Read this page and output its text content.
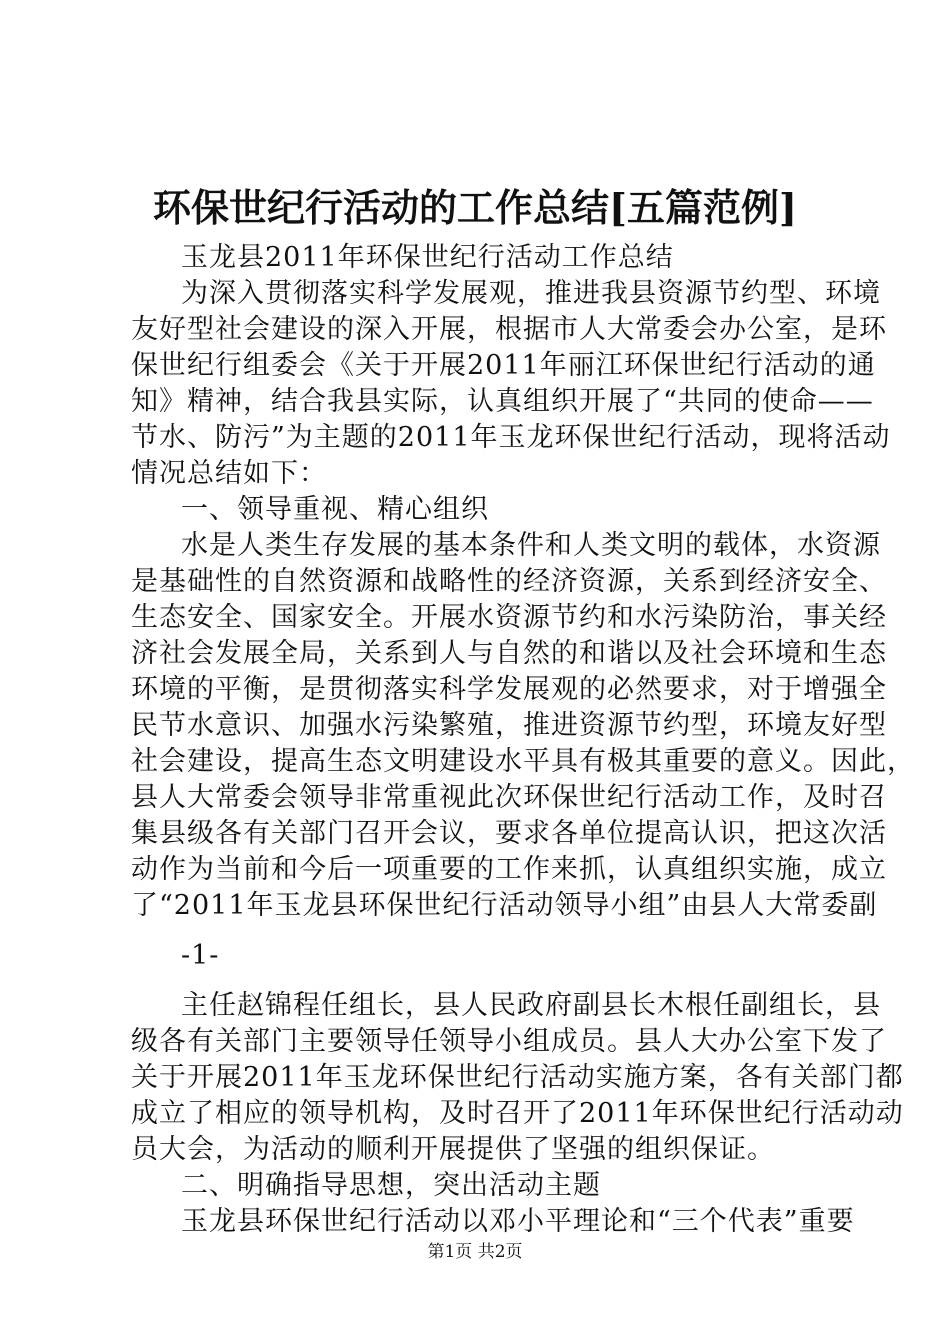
环保世纪行活动的工作总结[五篇范例]
玉龙县2011年环保世纪行活动工作总结
为深入贯彻落实科学发展观，推进我县资源节约型、环境
友好型社会建设的深入开展，根据市人大常委会办公室，是环
保世纪行组委会《关于开展2011年丽江环保世纪行活动的通
知》精神，结合我县实际，认真组织开展了“共同的使命——
节水、防污”为主题的2011年玉龙环保世纪行活动，现将活动
情况总结如下：
一、领导重视、精心组织
水是人类生存发展的基本条件和人类文明的载体，水资源
是基础性的自然资源和战略性的经济资源，关系到经济安全、
生态安全、国家安全。开展水资源节约和水污染防治，事关经
济社会发展全局，关系到人与自然的和谐以及社会环境和生态
环境的平衡，是贯彻落实科学发展观的必然要求，对于增强全
民节水意识、加强水污染繁殖，推进资源节约型，环境友好型
社会建设，提高生态文明建设水平具有极其重要的意义。因此，
县人大常委会领导非常重视此次环保世纪行活动工作，及时召
集县级各有关部门召开会议，要求各单位提高认识，把这次活
动作为当前和今后一项重要的工作来抓，认真组织实施，成立
了“2011年玉龙县环保世纪行活动领导小组”由县人大常委副
-1-
主任赵锦程任组长，县人民政府副县长木根任副组长，县
级各有关部门主要领导任领导小组成员。县人大办公室下发了
关于开展2011年玉龙环保世纪行活动实施方案，各有关部门都
成立了相应的领导机构，及时召开了2011年环保世纪行活动动
员大会，为活动的顺利开展提供了坚强的组织保证。
二、明确指导思想，突出活动主题
玉龙县环保世纪行活动以邓小平理论和“三个代表”重要
第1页 共2页
